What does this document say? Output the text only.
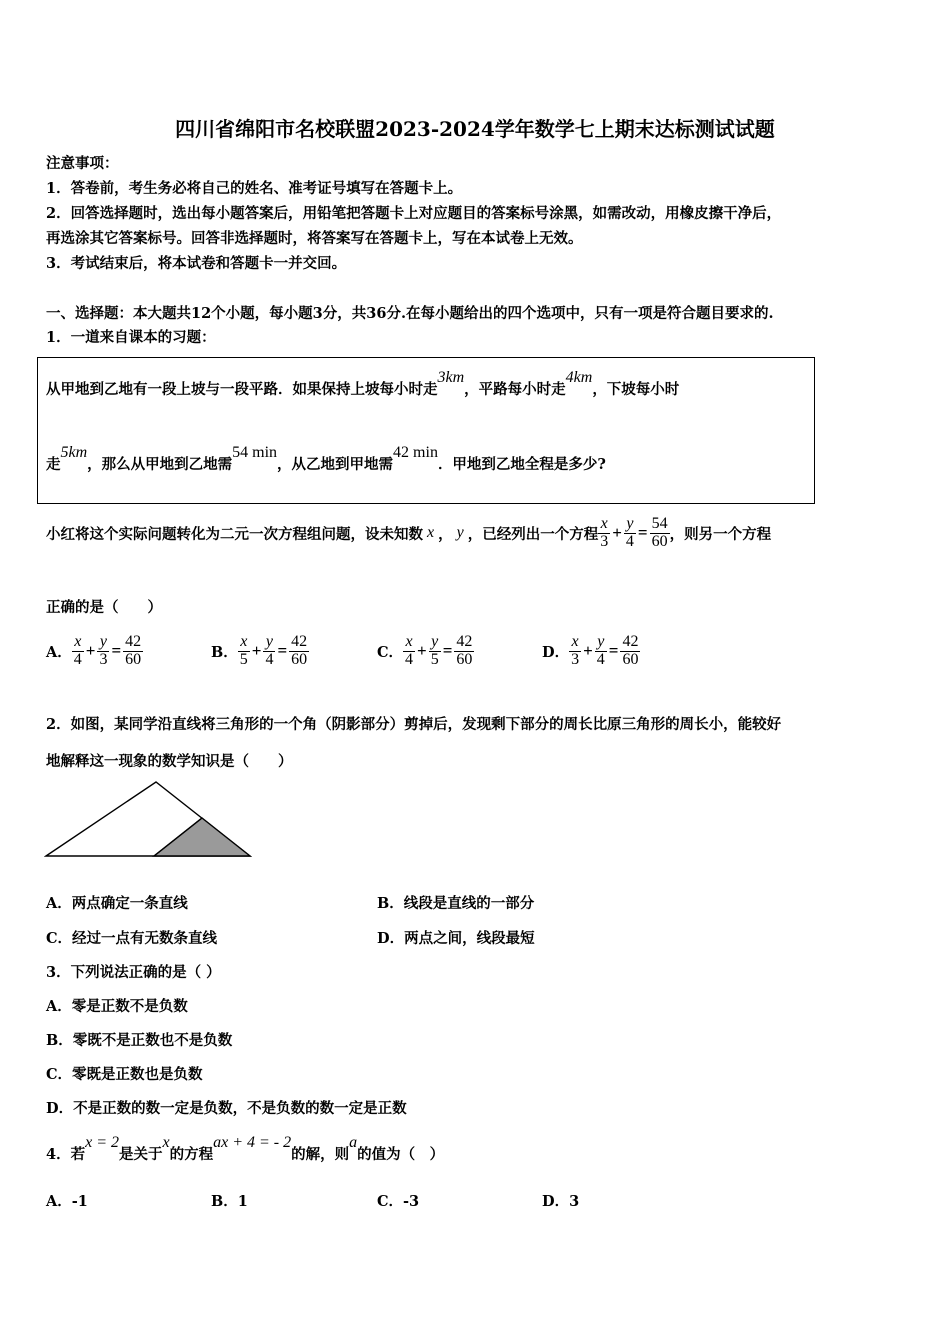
四川省绵阳市名校联盟2023-2024学年数学七上期末达标测试试题
注意事项：
1．答卷前，考生务必将自己的姓名、准考证号填写在答题卡上。
2．回答选择题时，选出每小题答案后，用铅笔把答题卡上对应题目的答案标号涂黑，如需改动，用橡皮擦干净后，
再选涂其它答案标号。回答非选择题时，将答案写在答题卡上，写在本试卷上无效。
3．考试结束后，将本试卷和答题卡一并交回。
一、选择题：本大题共12个小题，每小题3分，共36分.在每小题给出的四个选项中，只有一项是符合题目要求的.
1．一道来自课本的习题：
从甲地到乙地有一段上坡与一段平路．如果保持上坡每小时走3km，平路每小时走4km，下坡每小时
走5km，那么从甲地到乙地需54 min，从乙地到甲地需42 min．甲地到乙地全程是多少?
小红将这个实际问题转化为二元一次方程组问题，设未知数 x ， y ，已经列出一个方程 $\frac{x}{3} + \frac{y}{4} = \frac{54}{60}$ ，则另一个方程
正确的是（　　）
A． $\frac{x}{4} + \frac{y}{3} = \frac{42}{60}$	B． $\frac{x}{5} + \frac{y}{4} = \frac{42}{60}$	C． $\frac{x}{4} + \frac{y}{5} = \frac{42}{60}$	D． $\frac{x}{3} + \frac{y}{4} = \frac{42}{60}$
2．如图，某同学沿直线将三角形的一个角（阴影部分）剪掉后，发现剩下部分的周长比原三角形的周长小，能较好
地解释这一现象的数学知识是（　　）
A．两点确定一条直线	B．线段是直线的一部分
C．经过一点有无数条直线	D．两点之间，线段最短
3．下列说法正确的是（ ）
A．零是正数不是负数
B．零既不是正数也不是负数
C．零既是正数也是负数
D．不是正数的数一定是负数，不是负数的数一定是正数
4．若x = 2是关于x的方程ax + 4 = - 2的解，则a的值为（　）
A．-1	B．1	C．-3	D．3
